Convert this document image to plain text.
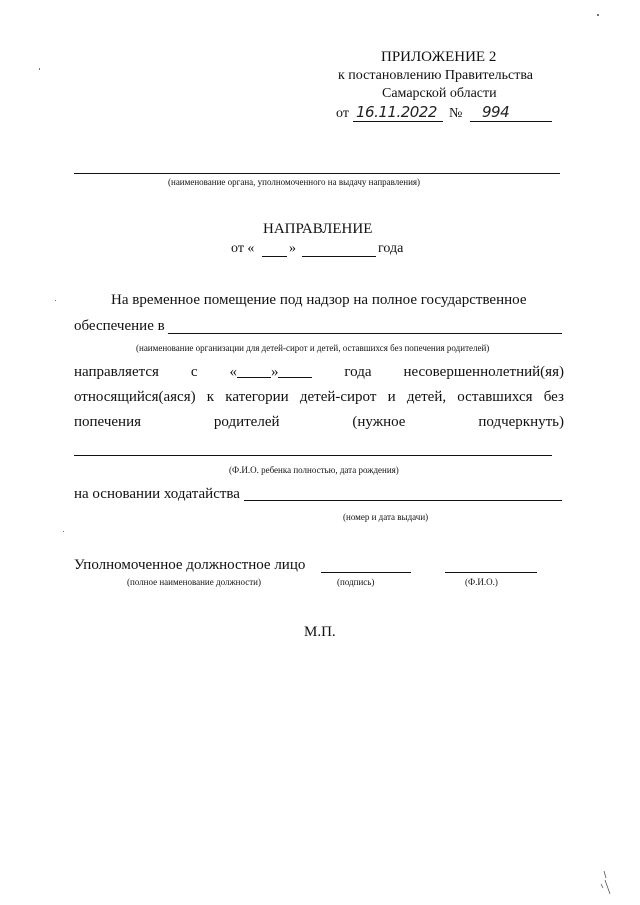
ПРИЛОЖЕНИЕ 2
к постановлению Правительства
Самарской области
от 16.11.2022 № 994
(наименование органа, уполномоченного на выдачу направления)
НАПРАВЛЕНИЕ
от « »	года
На временное помещение под надзор на полное государственное
обеспечение в
(наименование организации для детей-сирот и детей, оставшихся без попечения родителей)
направляется с « »	года несовершеннолетний(яя)
относящийся(аяся) к категории детей-сирот и детей, оставшихся без
попечения	родителей	(нужное	подчеркнуть)
(Ф.И.О. ребенка полностью, дата рождения)
на основании ходатайства
(номер и дата выдачи)
Уполномоченное должностное лицо
(полное наименование должности)	(подпись)	(Ф.И.О.)
М.П.
